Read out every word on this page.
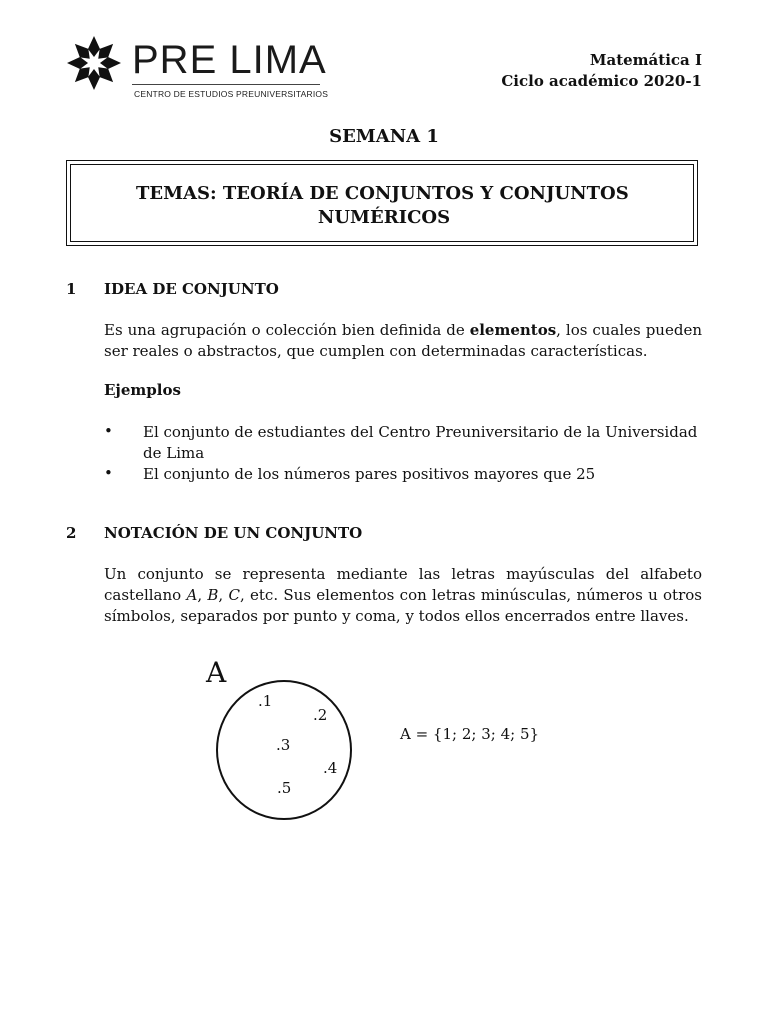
PRE LIMA
CENTRO DE ESTUDIOS PREUNIVERSITARIOS
Matemática I
Ciclo académico 2020-1
SEMANA 1
TEMAS: TEORÍA DE CONJUNTOS Y CONJUNTOS
NUMÉRICOS
1 IDEA DE CONJUNTO
Es una agrupación o colección bien definida de elementos, los cuales pueden ser reales o abstractos, que cumplen con determinadas características.
Ejemplos
• El conjunto de estudiantes del Centro Preuniversitario de la Universidad de Lima
• El conjunto de los números pares positivos mayores que 25
2 NOTACIÓN DE UN CONJUNTO
Un conjunto se representa mediante las letras mayúsculas del alfabeto castellano A, B, C, etc. Sus elementos con letras minúsculas, números u otros símbolos, separados por punto y coma, y todos ellos encerrados entre llaves.
A
.1
.2
.3
.4
.5
A = {1; 2; 3; 4; 5}
